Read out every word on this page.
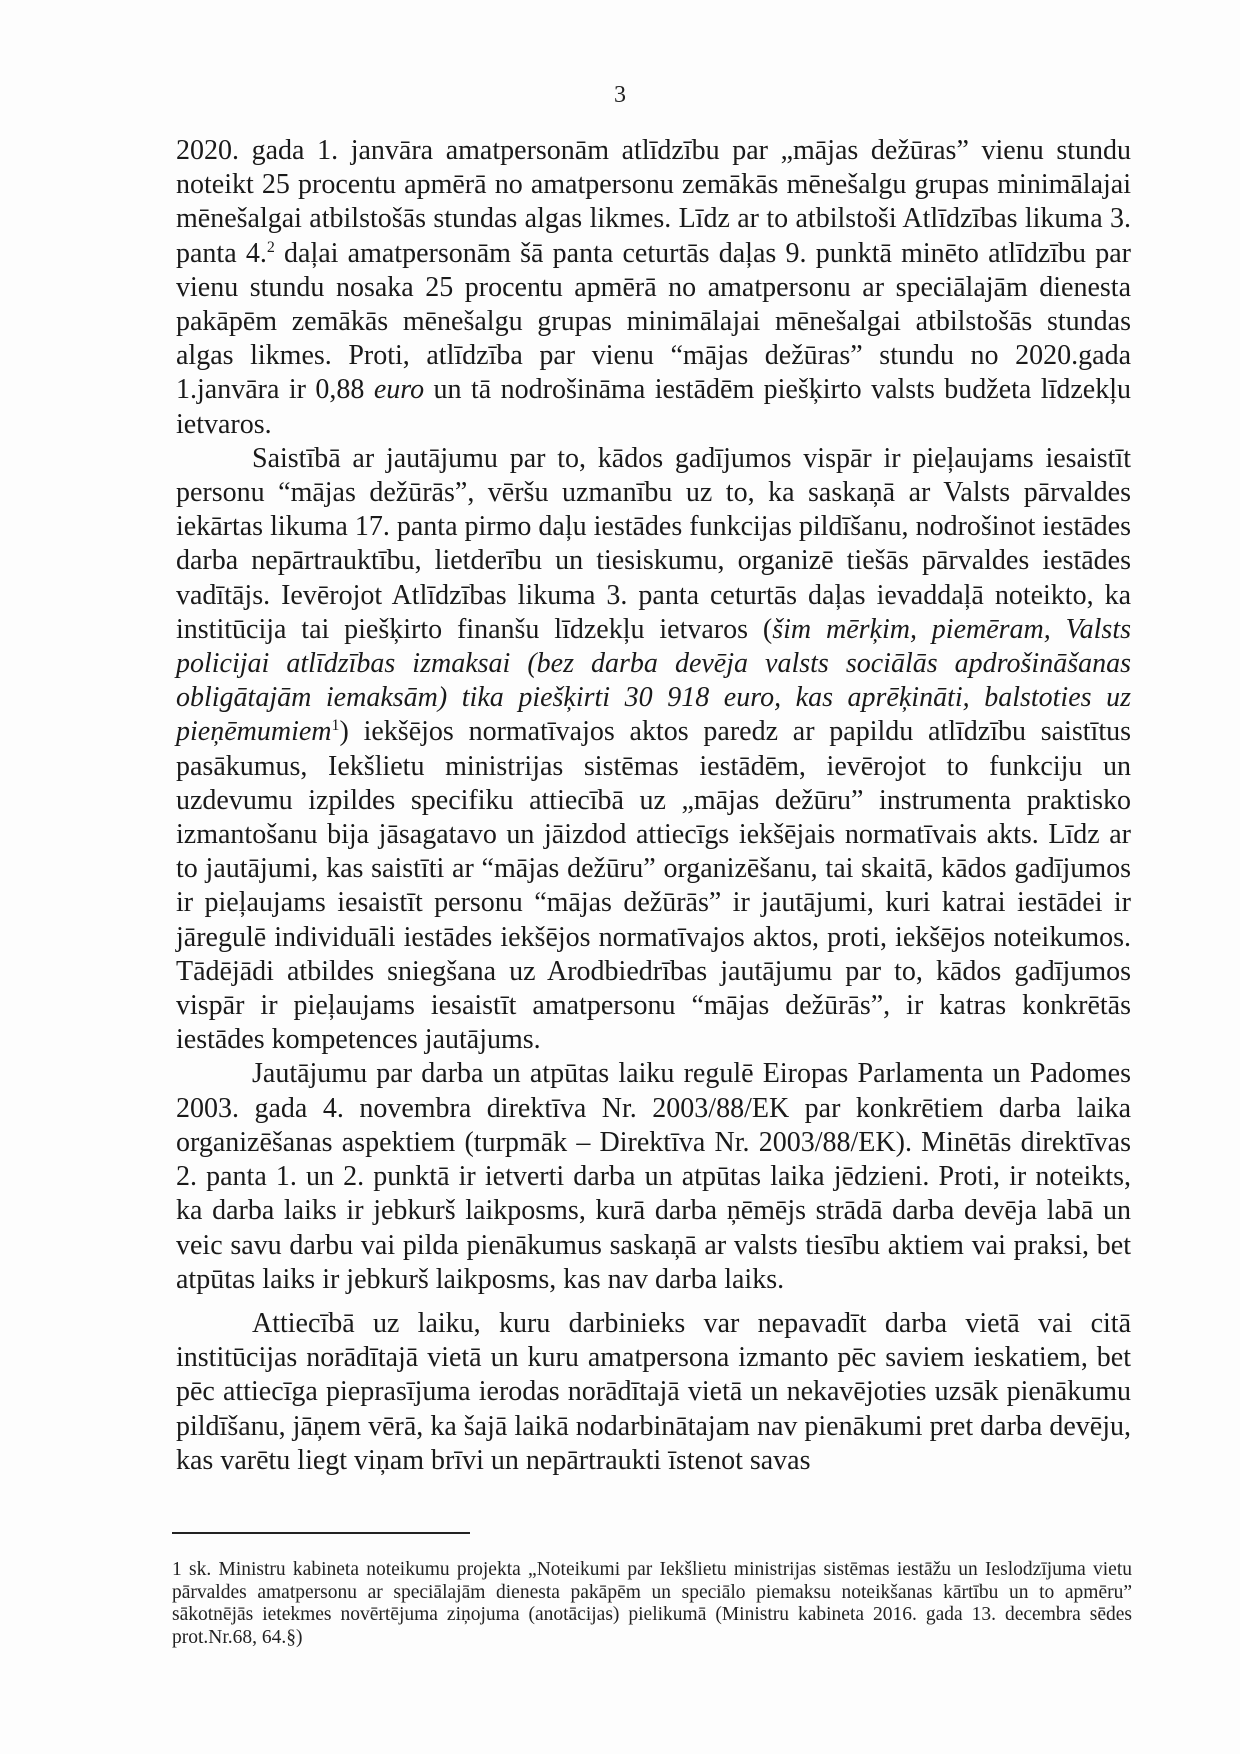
3

2020. gada 1. janvāra amatpersonām atlīdzību par „mājas dežūras” vienu stundu noteikt 25 procentu apmērā no amatpersonu zemākās mēnešalgu grupas minimālajai mēnešalgai atbilstošās stundas algas likmes. Līdz ar to atbilstoši Atlīdzības likuma 3. panta 4.$^2$ daļai amatpersonām šā panta ceturtās daļas 9. punktā minēto atlīdzību par vienu stundu nosaka 25 procentu apmērā no amatpersonu ar speciālajām dienesta pakāpēm zemākās mēnešalgu grupas minimālajai mēnešalgai atbilstošās stundas algas likmes. Proti, atlīdzība par vienu “mājas dežūras” stundu no 2020.gada 1.janvāra ir 0,88 euro un tā nodrošināma iestādēm piešķirto valsts budžeta līdzekļu ietvaros.

Saistībā ar jautājumu par to, kādos gadījumos vispār ir pieļaujams iesaistīt personu “mājas dežūrās”, vēršu uzmanību uz to, ka saskaņā ar Valsts pārvaldes iekārtas likuma 17. panta pirmo daļu iestādes funkcijas pildīšanu, nodrošinot iestādes darba nepārtrauktību, lietderību un tiesiskumu, organizē tiešās pārvaldes iestādes vadītājs. Ievērojot Atlīdzības likuma 3. panta ceturtās daļas ievaddaļā noteikto, ka institūcija tai piešķirto finanšu līdzekļu ietvaros (šim mērķim, piemēram, Valsts policijai atlīdzības izmaksai (bez darba devēja valsts sociālās apdrošināšanas obligātajām iemaksām) tika piešķirti 30 918 euro, kas aprēķināti, balstoties uz pieņēmumiem$^1$) iekšējos normatīvajos aktos paredz ar papildu atlīdzību saistītus pasākumus, Iekšlietu ministrijas sistēmas iestādēm, ievērojot to funkciju un uzdevumu izpildes specifiku attiecībā uz „mājas dežūru” instrumenta praktisko izmantošanu bija jāsagatavo un jāizdod attiecīgs iekšējais normatīvais akts. Līdz ar to jautājumi, kas saistīti ar “mājas dežūru” organizēšanu, tai skaitā, kādos gadījumos ir pieļaujams iesaistīt personu “mājas dežūrās” ir jautājumi, kuri katrai iestādei ir jāregulē individuāli iestādes iekšējos normatīvajos aktos, proti, iekšējos noteikumos. Tādējādi atbildes sniegšana uz Arodbiedrības jautājumu par to, kādos gadījumos vispār ir pieļaujams iesaistīt amatpersonu “mājas dežūrās”, ir katras konkrētās iestādes kompetences jautājums.

Jautājumu par darba un atpūtas laiku regulē Eiropas Parlamenta un Padomes 2003. gada 4. novembra direktīva Nr. 2003/88/EK par konkrētiem darba laika organizēšanas aspektiem (turpmāk – Direktīva Nr. 2003/88/EK). Minētās direktīvas 2. panta 1. un 2. punktā ir ietverti darba un atpūtas laika jēdzieni. Proti, ir noteikts, ka darba laiks ir jebkurš laikposms, kurā darba ņēmējs strādā darba devēja labā un veic savu darbu vai pilda pienākumus saskaņā ar valsts tiesību aktiem vai praksi, bet atpūtas laiks ir jebkurš laikposms, kas nav darba laiks.

Attiecībā uz laiku, kuru darbinieks var nepavadīt darba vietā vai citā institūcijas norādītajā vietā un kuru amatpersona izmanto pēc saviem ieskatiem, bet pēc attiecīga pieprasījuma ierodas norādītajā vietā un nekavējoties uzsāk pienākumu pildīšanu, jāņem vērā, ka šajā laikā nodarbinātajam nav pienākumi pret darba devēju, kas varētu liegt viņam brīvi un nepārtraukti īstenot savas

1 sk. Ministru kabineta noteikumu projekta „Noteikumi par Iekšlietu ministrijas sistēmas iestāžu un Ieslodzījuma vietu pārvaldes amatpersonu ar speciālajām dienesta pakāpēm un speciālo piemaksu noteikšanas kārtību un to apmēru” sākotnējās ietekmes novērtējuma ziņojuma (anotācijas) pielikumā (Ministru kabineta 2016. gada 13. decembra sēdes prot.Nr.68, 64.§)
